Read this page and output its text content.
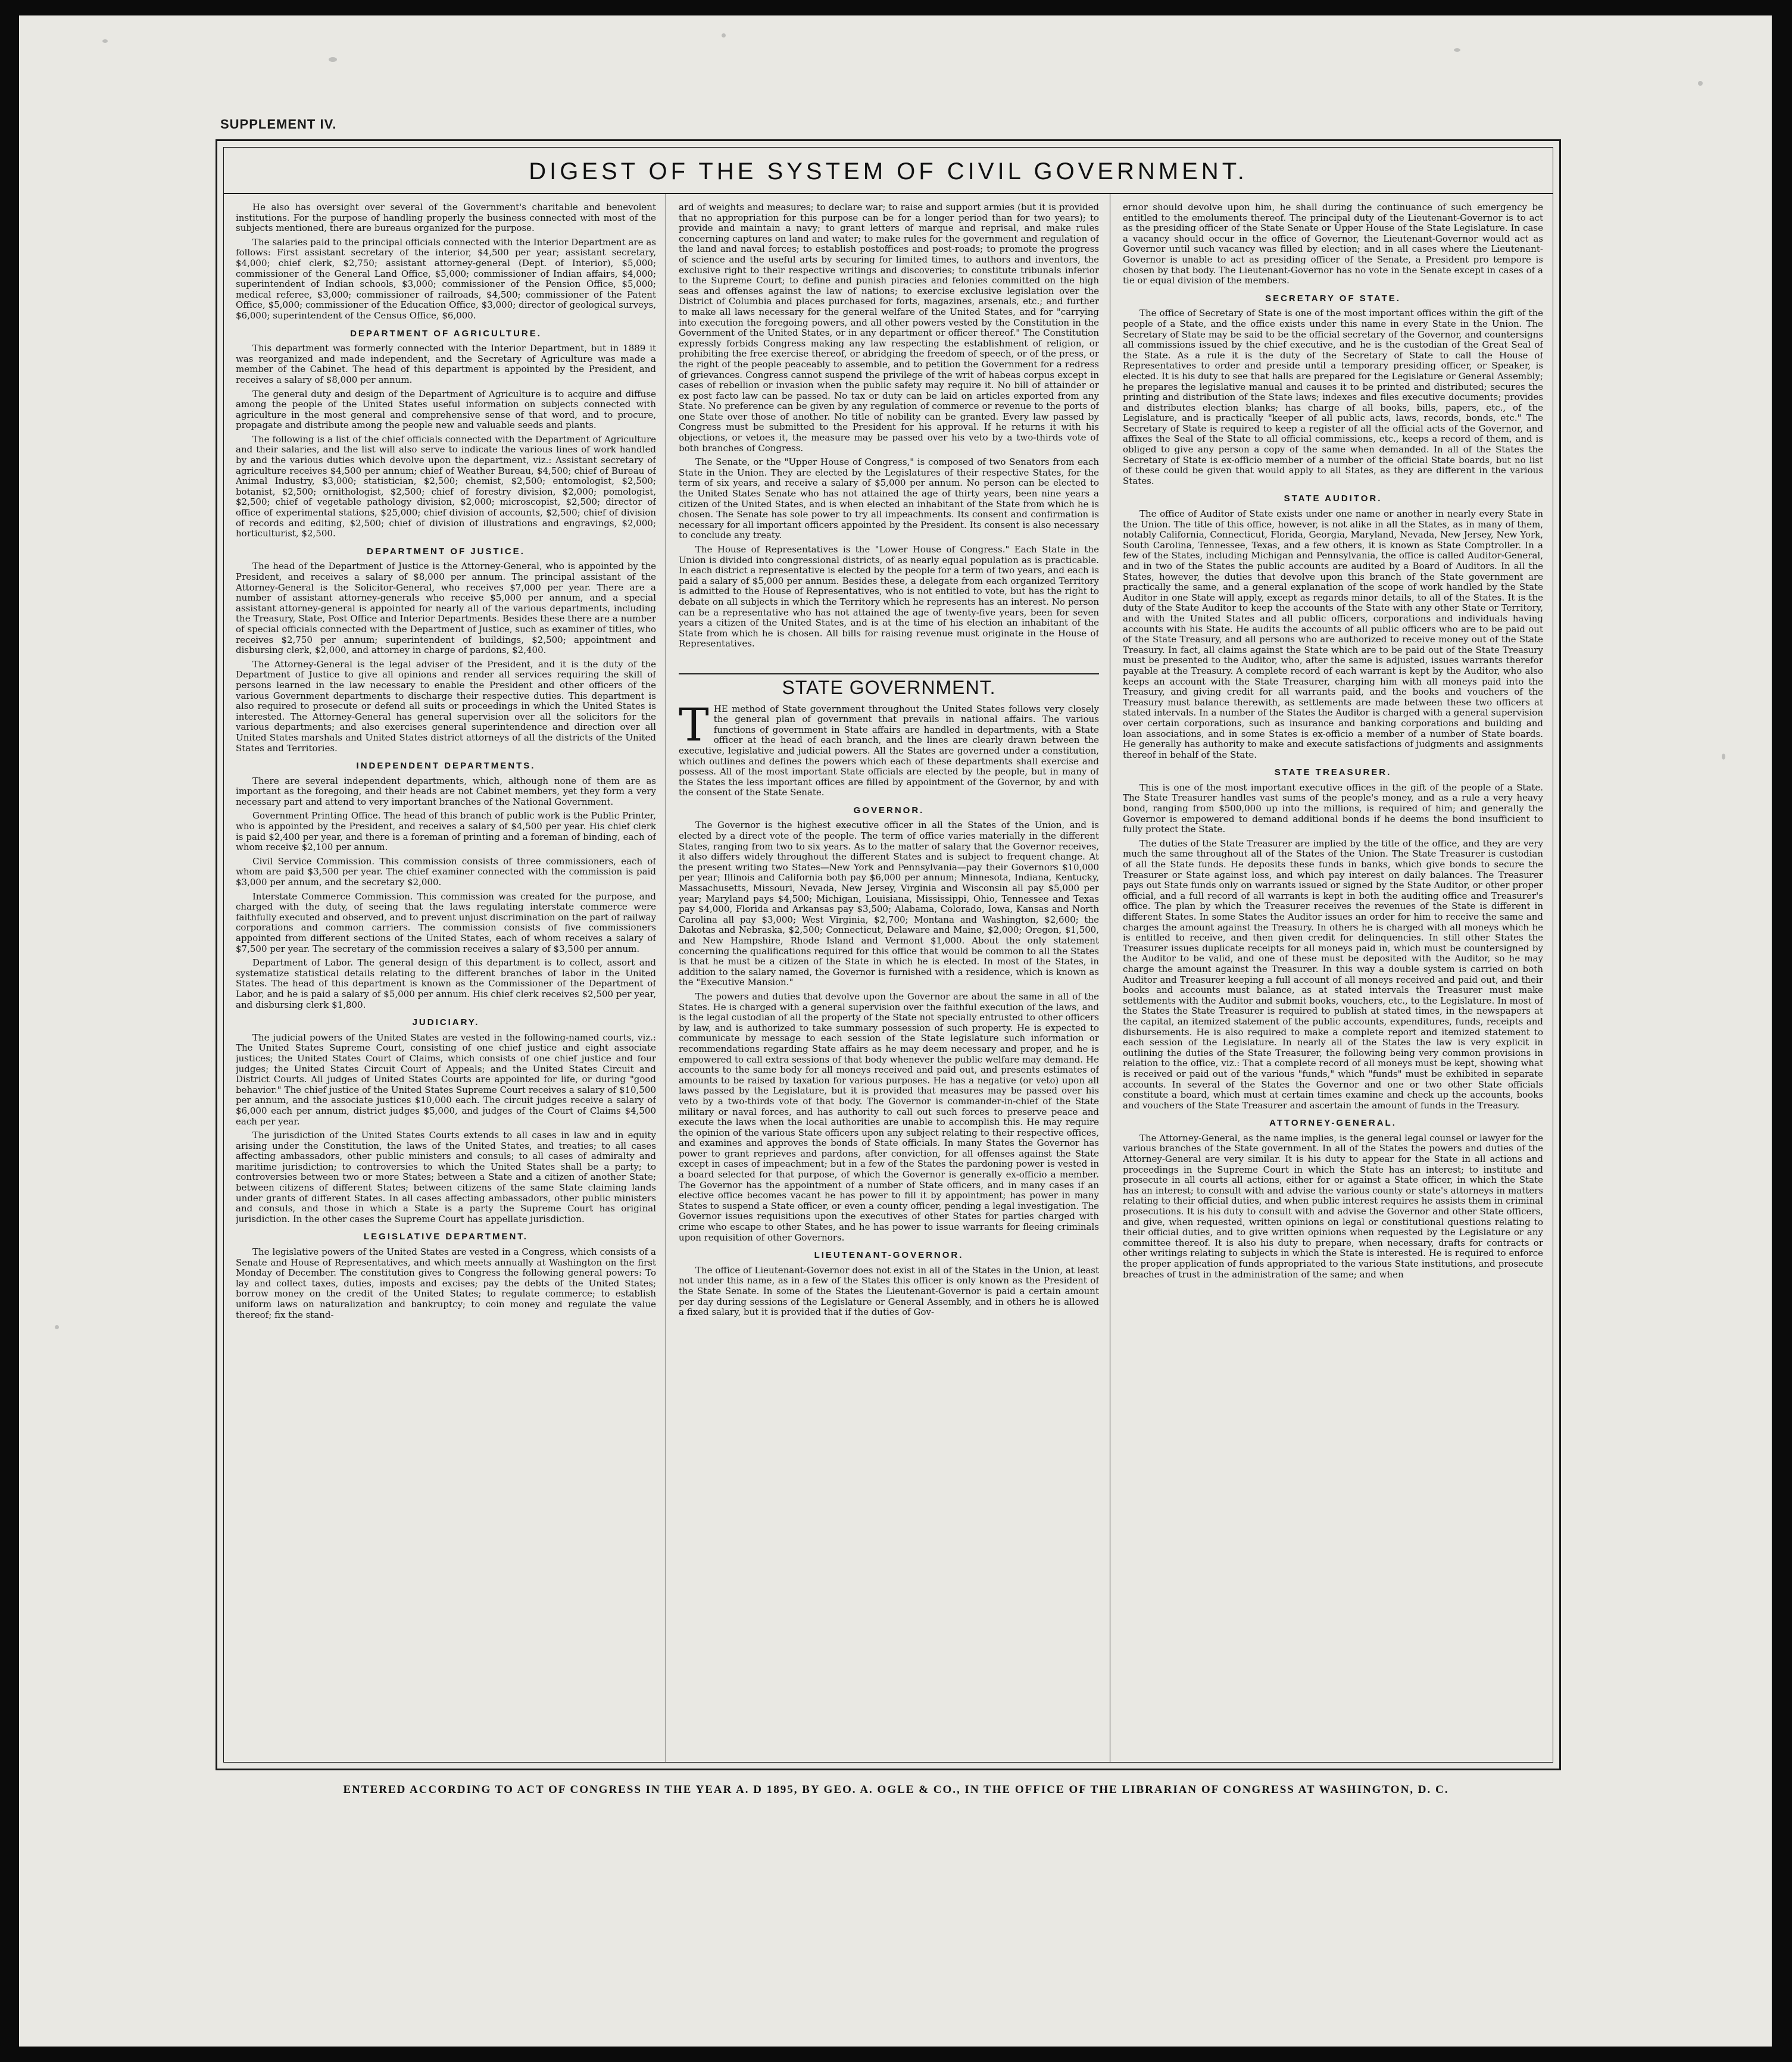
SUPPLEMENT IV.
DIGEST OF THE SYSTEM OF CIVIL GOVERNMENT.

He also has oversight over several of the Government's charitable and benevolent institutions. For the purpose of handling properly the business connected with most of the subjects mentioned, there are bureaus organized for the purpose.

The salaries paid to the principal officials connected with the Interior Department are as follows: First assistant secretary of the interior, $4,500 per year; assistant secretary, $4,000; chief clerk, $2,750; assistant attorney-general (Dept. of Interior), $5,000; commissioner of the General Land Office, $5,000; commissioner of Indian affairs, $4,000; superintendent of Indian schools, $3,000; commissioner of the Pension Office, $5,000; medical referee, $3,000; commissioner of railroads, $4,500; commissioner of the Patent Office, $5,000; commissioner of the Education Office, $3,000; director of geological surveys, $6,000; superintendent of the Census Office, $6,000.

DEPARTMENT OF AGRICULTURE.

This department was formerly connected with the Interior Department, but in 1889 it was reorganized and made independent, and the Secretary of Agriculture was made a member of the Cabinet. The head of this department is appointed by the President, and receives a salary of $8,000 per annum.

The general duty and design of the Department of Agriculture is to acquire and diffuse among the people of the United States useful information on subjects connected with agriculture in the most general and comprehensive sense of that word, and to procure, propagate and distribute among the people new and valuable seeds and plants.

The following is a list of the chief officials connected with the Department of Agriculture and their salaries, and the list will also serve to indicate the various lines of work handled by and the various duties which devolve upon the department, viz.: Assistant secretary of agriculture receives $4,500 per annum; chief of Weather Bureau, $4,500; chief of Bureau of Animal Industry, $3,000; statistician, $2,500; chemist, $2,500; entomologist, $2,500; botanist, $2,500; ornithologist, $2,500; chief of forestry division, $2,000; pomologist, $2,500; chief of vegetable pathology division, $2,000; microscopist, $2,500; director of office of experimental stations, $25,000; chief division of accounts, $2,500; chief of division of records and editing, $2,500; chief of division of illustrations and engravings, $2,000; horticulturist, $2,500.

DEPARTMENT OF JUSTICE.

The head of the Department of Justice is the Attorney-General, who is appointed by the President, and receives a salary of $8,000 per annum. The principal assistant of the Attorney-General is the Solicitor-General, who receives $7,000 per year. There are a number of assistant attorney-generals who receive $5,000 per annum, and a special assistant attorney-general is appointed for nearly all of the various departments, including the Treasury, State, Post Office and Interior Departments. Besides these there are a number of special officials connected with the Department of Justice, such as examiner of titles, who receives $2,750 per annum; superintendent of buildings, $2,500; appointment and disbursing clerk, $2,000, and attorney in charge of pardons, $2,400.

The Attorney-General is the legal adviser of the President, and it is the duty of the Department of Justice to give all opinions and render all services requiring the skill of persons learned in the law necessary to enable the President and other officers of the various Government departments to discharge their respective duties. This department is also required to prosecute or defend all suits or proceedings in which the United States is interested. The Attorney-General has general supervision over all the solicitors for the various departments; and also exercises general superintendence and direction over all United States marshals and United States district attorneys of all the districts of the United States and Territories.

INDEPENDENT DEPARTMENTS.

There are several independent departments, which, although none of them are as important as the foregoing, and their heads are not Cabinet members, yet they form a very necessary part and attend to very important branches of the National Government.

Government Printing Office. The head of this branch of public work is the Public Printer, who is appointed by the President, and receives a salary of $4,500 per year. His chief clerk is paid $2,400 per year, and there is a foreman of printing and a foreman of binding, each of whom receive $2,100 per annum.

Civil Service Commission. This commission consists of three commissioners, each of whom are paid $3,500 per year. The chief examiner connected with the commission is paid $3,000 per annum, and the secretary $2,000.

Interstate Commerce Commission. This commission was created for the purpose, and charged with the duty, of seeing that the laws regulating interstate commerce were faithfully executed and observed, and to prevent unjust discrimination on the part of railway corporations and common carriers. The commission consists of five commissioners appointed from different sections of the United States, each of whom receives a salary of $7,500 per year. The secretary of the commission receives a salary of $3,500 per annum.

Department of Labor. The general design of this department is to collect, assort and systematize statistical details relating to the different branches of labor in the United States. The head of this department is known as the Commissioner of the Department of Labor, and he is paid a salary of $5,000 per annum. His chief clerk receives $2,500 per year, and disbursing clerk $1,800.

JUDICIARY.

The judicial powers of the United States are vested in the following-named courts, viz.: The United States Supreme Court, consisting of one chief justice and eight associate justices; the United States Court of Claims, which consists of one chief justice and four judges; the United States Circuit Court of Appeals; and the United States Circuit and District Courts. All judges of United States Courts are appointed for life, or during "good behavior." The chief justice of the United States Supreme Court receives a salary of $10,500 per annum, and the associate justices $10,000 each. The circuit judges receive a salary of $6,000 each per annum, district judges $5,000, and judges of the Court of Claims $4,500 each per year.

The jurisdiction of the United States Courts extends to all cases in law and in equity arising under the Constitution, the laws of the United States, and treaties; to all cases affecting ambassadors, other public ministers and consuls; to all cases of admiralty and maritime jurisdiction; to controversies to which the United States shall be a party; to controversies between two or more States; between a State and a citizen of another State; between citizens of different States; between citizens of the same State claiming lands under grants of different States. In all cases affecting ambassadors, other public ministers and consuls, and those in which a State is a party the Supreme Court has original jurisdiction. In the other cases the Supreme Court has appellate jurisdiction.

LEGISLATIVE DEPARTMENT.

The legislative powers of the United States are vested in a Congress, which consists of a Senate and House of Representatives, and which meets annually at Washington on the first Monday of December. The constitution gives to Congress the following general powers: To lay and collect taxes, duties, imposts and excises; pay the debts of the United States; borrow money on the credit of the United States; to regulate commerce; to establish uniform laws on naturalization and bankruptcy; to coin money and regulate the value thereof; fix the stand-

ard of weights and measures; to declare war; to raise and support armies (but it is provided that no appropriation for this purpose can be for a longer period than for two years); to provide and maintain a navy; to grant letters of marque and reprisal, and make rules concerning captures on land and water; to make rules for the government and regulation of the land and naval forces; to establish postoffices and post-roads; to promote the progress of science and the useful arts by securing for limited times, to authors and inventors, the exclusive right to their respective writings and discoveries; to constitute tribunals inferior to the Supreme Court; to define and punish piracies and felonies committed on the high seas and offenses against the law of nations; to exercise exclusive legislation over the District of Columbia and places purchased for forts, magazines, arsenals, etc.; and further to make all laws necessary for the general welfare of the United States, and for "carrying into execution the foregoing powers, and all other powers vested by the Constitution in the Government of the United States, or in any department or officer thereof." The Constitution expressly forbids Congress making any law respecting the establishment of religion, or prohibiting the free exercise thereof, or abridging the freedom of speech, or of the press, or the right of the people peaceably to assemble, and to petition the Government for a redress of grievances. Congress cannot suspend the privilege of the writ of habeas corpus except in cases of rebellion or invasion when the public safety may require it. No bill of attainder or ex post facto law can be passed. No tax or duty can be laid on articles exported from any State. No preference can be given by any regulation of commerce or revenue to the ports of one State over those of another. No title of nobility can be granted. Every law passed by Congress must be submitted to the President for his approval. If he returns it with his objections, or vetoes it, the measure may be passed over his veto by a two-thirds vote of both branches of Congress.

The Senate, or the "Upper House of Congress," is composed of two Senators from each State in the Union. They are elected by the Legislatures of their respective States, for the term of six years, and receive a salary of $5,000 per annum. No person can be elected to the United States Senate who has not attained the age of thirty years, been nine years a citizen of the United States, and is when elected an inhabitant of the State from which he is chosen. The Senate has sole power to try all impeachments. Its consent and confirmation is necessary for all important officers appointed by the President. Its consent is also necessary to conclude any treaty.

The House of Representatives is the "Lower House of Congress." Each State in the Union is divided into congressional districts, of as nearly equal population as is practicable. In each district a representative is elected by the people for a term of two years, and each is paid a salary of $5,000 per annum. Besides these, a delegate from each organized Territory is admitted to the House of Representatives, who is not entitled to vote, but has the right to debate on all subjects in which the Territory which he represents has an interest. No person can be a representative who has not attained the age of twenty-five years, been for seven years a citizen of the United States, and is at the time of his election an inhabitant of the State from which he is chosen. All bills for raising revenue must originate in the House of Representatives.

STATE GOVERNMENT.
T HE method of State government throughout the United States follows very closely the general plan of government that prevails in national affairs. The various functions of government in State affairs are handled in departments, with a State officer at the head of each branch, and the lines are clearly drawn between the executive, legislative and judicial powers. All the States are governed under a constitution, which outlines and defines the powers which each of these departments shall exercise and possess. All of the most important State officials are elected by the people, but in many of the States the less important offices are filled by appointment of the Governor, by and with the consent of the State Senate.
GOVERNOR.

The Governor is the highest executive officer in all the States of the Union, and is elected by a direct vote of the people. The term of office varies materially in the different States, ranging from two to six years. As to the matter of salary that the Governor receives, it also differs widely throughout the different States and is subject to frequent change. At the present writing two States—New York and Pennsylvania—pay their Governors $10,000 per year; Illinois and California both pay $6,000 per annum; Minnesota, Indiana, Kentucky, Massachusetts, Missouri, Nevada, New Jersey, Virginia and Wisconsin all pay $5,000 per year; Maryland pays $4,500; Michigan, Louisiana, Mississippi, Ohio, Tennessee and Texas pay $4,000, Florida and Arkansas pay $3,500; Alabama, Colorado, Iowa, Kansas and North Carolina all pay $3,000; West Virginia, $2,700; Montana and Washington, $2,600; the Dakotas and Nebraska, $2,500; Connecticut, Delaware and Maine, $2,000; Oregon, $1,500, and New Hampshire, Rhode Island and Vermont $1,000. About the only statement concerning the qualifications required for this office that would be common to all the States is that he must be a citizen of the State in which he is elected. In most of the States, in addition to the salary named, the Governor is furnished with a residence, which is known as the "Executive Mansion."

The powers and duties that devolve upon the Governor are about the same in all of the States. He is charged with a general supervision over the faithful execution of the laws, and is the legal custodian of all the property of the State not specially entrusted to other officers by law, and is authorized to take summary possession of such property. He is expected to communicate by message to each session of the State legislature such information or recommendations regarding State affairs as he may deem necessary and proper, and he is empowered to call extra sessions of that body whenever the public welfare may demand. He accounts to the same body for all moneys received and paid out, and presents estimates of amounts to be raised by taxation for various purposes. He has a negative (or veto) upon all laws passed by the Legislature, but it is provided that measures may be passed over his veto by a two-thirds vote of that body. The Governor is commander-in-chief of the State military or naval forces, and has authority to call out such forces to preserve peace and execute the laws when the local authorities are unable to accomplish this. He may require the opinion of the various State officers upon any subject relating to their respective offices, and examines and approves the bonds of State officials. In many States the Governor has power to grant reprieves and pardons, after conviction, for all offenses against the State except in cases of impeachment; but in a few of the States the pardoning power is vested in a board selected for that purpose, of which the Governor is generally ex-officio a member. The Governor has the appointment of a number of State officers, and in many cases if an elective office becomes vacant he has power to fill it by appointment; has power in many States to suspend a State officer, or even a county officer, pending a legal investigation. The Governor issues requisitions upon the executives of other States for parties charged with crime who escape to other States, and he has power to issue warrants for fleeing criminals upon requisition of other Governors.

LIEUTENANT-GOVERNOR.

The office of Lieutenant-Governor does not exist in all of the States in the Union, at least not under this name, as in a few of the States this officer is only known as the President of the State Senate. In some of the States the Lieutenant-Governor is paid a certain amount per day during sessions of the Legislature or General Assembly, and in others he is allowed a fixed salary, but it is provided that if the duties of Gov-

ernor should devolve upon him, he shall during the continuance of such emergency be entitled to the emoluments thereof. The principal duty of the Lieutenant-Governor is to act as the presiding officer of the State Senate or Upper House of the State Legislature. In case a vacancy should occur in the office of Governor, the Lieutenant-Governor would act as Governor until such vacancy was filled by election; and in all cases where the Lieutenant-Governor is unable to act as presiding officer of the Senate, a President pro tempore is chosen by that body. The Lieutenant-Governor has no vote in the Senate except in cases of a tie or equal division of the members.

SECRETARY OF STATE.

The office of Secretary of State is one of the most important offices within the gift of the people of a State, and the office exists under this name in every State in the Union. The Secretary of State may be said to be the official secretary of the Governor, and countersigns all commissions issued by the chief executive, and he is the custodian of the Great Seal of the State. As a rule it is the duty of the Secretary of State to call the House of Representatives to order and preside until a temporary presiding officer, or Speaker, is elected. It is his duty to see that halls are prepared for the Legislature or General Assembly; he prepares the legislative manual and causes it to be printed and distributed; secures the printing and distribution of the State laws; indexes and files executive documents; provides and distributes election blanks; has charge of all books, bills, papers, etc., of the Legislature, and is practically "keeper of all public acts, laws, records, bonds, etc." The Secretary of State is required to keep a register of all the official acts of the Governor, and affixes the Seal of the State to all official commissions, etc., keeps a record of them, and is obliged to give any person a copy of the same when demanded. In all of the States the Secretary of State is ex-officio member of a number of the official State boards, but no list of these could be given that would apply to all States, as they are different in the various States.

STATE AUDITOR.

The office of Auditor of State exists under one name or another in nearly every State in the Union. The title of this office, however, is not alike in all the States, as in many of them, notably California, Connecticut, Florida, Georgia, Maryland, Nevada, New Jersey, New York, South Carolina, Tennessee, Texas, and a few others, it is known as State Comptroller. In a few of the States, including Michigan and Pennsylvania, the office is called Auditor-General, and in two of the States the public accounts are audited by a Board of Auditors. In all the States, however, the duties that devolve upon this branch of the State government are practically the same, and a general explanation of the scope of work handled by the State Auditor in one State will apply, except as regards minor details, to all of the States. It is the duty of the State Auditor to keep the accounts of the State with any other State or Territory, and with the United States and all public officers, corporations and individuals having accounts with his State. He audits the accounts of all public officers who are to be paid out of the State Treasury, and all persons who are authorized to receive money out of the State Treasury. In fact, all claims against the State which are to be paid out of the State Treasury must be presented to the Auditor, who, after the same is adjusted, issues warrants therefor payable at the Treasury. A complete record of each warrant is kept by the Auditor, who also keeps an account with the State Treasurer, charging him with all moneys paid into the Treasury, and giving credit for all warrants paid, and the books and vouchers of the Treasury must balance therewith, as settlements are made between these two officers at stated intervals. In a number of the States the Auditor is charged with a general supervision over certain corporations, such as insurance and banking corporations and building and loan associations, and in some States is ex-officio a member of a number of State boards. He generally has authority to make and execute satisfactions of judgments and assignments thereof in behalf of the State.

STATE TREASURER.

This is one of the most important executive offices in the gift of the people of a State. The State Treasurer handles vast sums of the people's money, and as a rule a very heavy bond, ranging from $500,000 up into the millions, is required of him; and generally the Governor is empowered to demand additional bonds if he deems the bond insufficient to fully protect the State.

The duties of the State Treasurer are implied by the title of the office, and they are very much the same throughout all of the States of the Union. The State Treasurer is custodian of all the State funds. He deposits these funds in banks, which give bonds to secure the Treasurer or State against loss, and which pay interest on daily balances. The Treasurer pays out State funds only on warrants issued or signed by the State Auditor, or other proper official, and a full record of all warrants is kept in both the auditing office and Treasurer's office. The plan by which the Treasurer receives the revenues of the State is different in different States. In some States the Auditor issues an order for him to receive the same and charges the amount against the Treasury. In others he is charged with all moneys which he is entitled to receive, and then given credit for delinquencies. In still other States the Treasurer issues duplicate receipts for all moneys paid in, which must be countersigned by the Auditor to be valid, and one of these must be deposited with the Auditor, so he may charge the amount against the Treasurer. In this way a double system is carried on both Auditor and Treasurer keeping a full account of all moneys received and paid out, and their books and accounts must balance, as at stated intervals the Treasurer must make settlements with the Auditor and submit books, vouchers, etc., to the Legislature. In most of the States the State Treasurer is required to publish at stated times, in the newspapers at the capital, an itemized statement of the public accounts, expenditures, funds, receipts and disbursements. He is also required to make a complete report and itemized statement to each session of the Legislature. In nearly all of the States the law is very explicit in outlining the duties of the State Treasurer, the following being very common provisions in relation to the office, viz.: That a complete record of all moneys must be kept, showing what is received or paid out of the various "funds," which "funds" must be exhibited in separate accounts. In several of the States the Governor and one or two other State officials constitute a board, which must at certain times examine and check up the accounts, books and vouchers of the State Treasurer and ascertain the amount of funds in the Treasury.

ATTORNEY-GENERAL.

The Attorney-General, as the name implies, is the general legal counsel or lawyer for the various branches of the State government. In all of the States the powers and duties of the Attorney-General are very similar. It is his duty to appear for the State in all actions and proceedings in the Supreme Court in which the State has an interest; to institute and prosecute in all courts all actions, either for or against a State officer, in which the State has an interest; to consult with and advise the various county or state's attorneys in matters relating to their official duties, and when public interest requires he assists them in criminal prosecutions. It is his duty to consult with and advise the Governor and other State officers, and give, when requested, written opinions on legal or constitutional questions relating to their official duties, and to give written opinions when requested by the Legislature or any committee thereof. It is also his duty to prepare, when necessary, drafts for contracts or other writings relating to subjects in which the State is interested. He is required to enforce the proper application of funds appropriated to the various State institutions, and prosecute breaches of trust in the administration of the same; and when

ENTERED ACCORDING TO ACT OF CONGRESS IN THE YEAR A. D 1895, BY GEO. A. OGLE & CO., IN THE OFFICE OF THE LIBRARIAN OF CONGRESS AT WASHINGTON, D. C.
